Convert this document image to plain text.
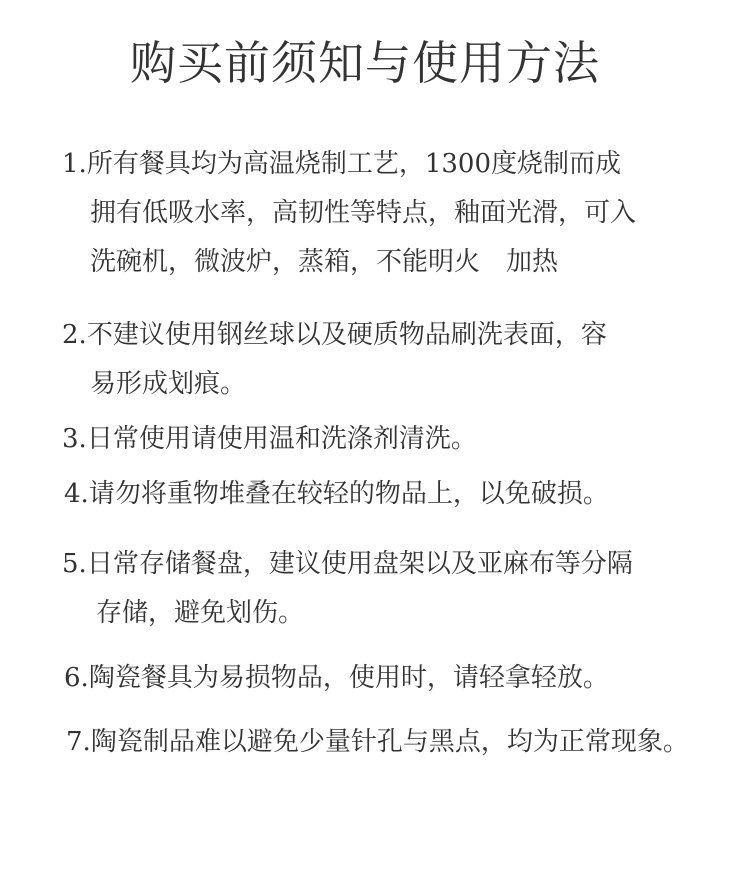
购买前须知与使用方法
1.所有餐具均为高温烧制工艺，1300度烧制而成
拥有低吸水率，高韧性等特点，釉面光滑，可入
洗碗机，微波炉，蒸箱，不能明火　加热
2.不建议使用钢丝球以及硬质物品刷洗表面，容
易形成划痕。
3.日常使用请使用温和洗涤剂清洗。
4.请勿将重物堆叠在较轻的物品上，以免破损。
5.日常存储餐盘，建议使用盘架以及亚麻布等分隔
存储，避免划伤。
6.陶瓷餐具为易损物品，使用时，请轻拿轻放。
7.陶瓷制品难以避免少量针孔与黑点，均为正常现象。
